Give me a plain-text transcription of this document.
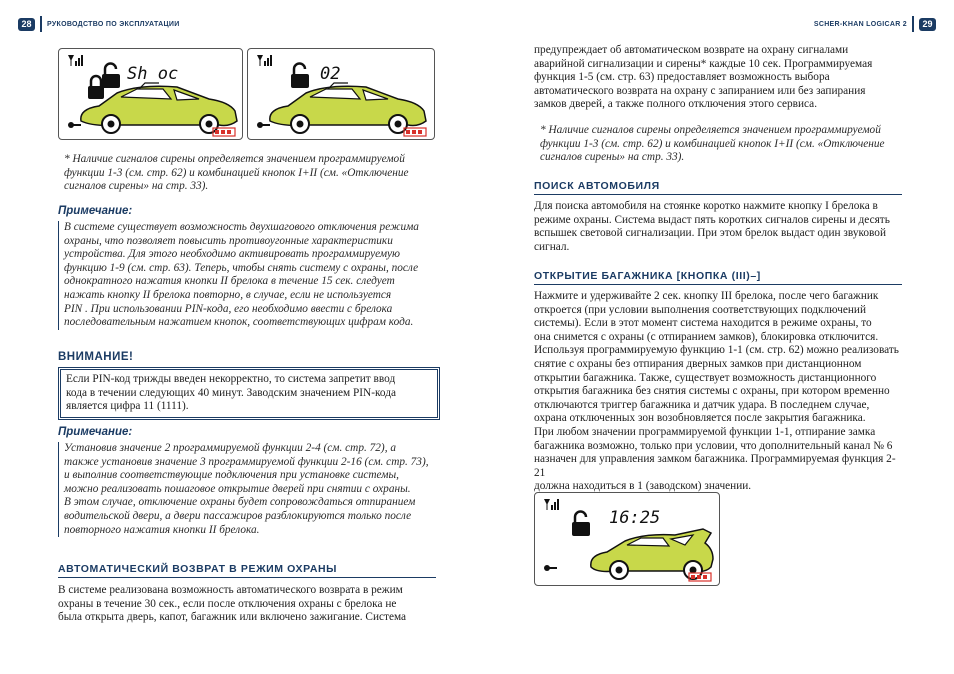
28	РУКОВОДСТВО ПО ЭКСПЛУАТАЦИИ	SCHER-KHAN LOGICAR 2	29
Sh oc	02

* Наличие сигналов сирены определяется значением программируемой

функции 1-3 (см. стр. 62) и комбинацией кнопок I+II (см. «Отключение

сигналов сирены» на стр. 33).

Примечание:

В системе существует возможность двухшагового отключения режима

охраны, что позволяет повысить противоугонные характеристики

устройства. Для этого необходимо активировать программируемую

функцию 1-9 (см. стр. 63). Теперь, чтобы снять систему с охраны, после

однократного нажатия кнопки II брелока в течение 15 сек. следует

нажать кнопку II брелока повторно, в случае, если не используется

PIN . При использовании PIN-кода, его необходимо ввести с брелока

последовательным нажатием кнопок, соответствующих цифрам кода.

ВНИМАНИЕ!

Если PIN-код трижды введен некорректно, то система запретит ввод

кода в течении следующих 40 минут. Заводским значением PIN-кода

является цифра 11 (1111).

Примечание:

Установив значение 2 программируемой функции 2-4 (см. стр. 72), а

также установив значение 3 программируемой функции 2-16 (см. стр. 73),

и выполнив соответствующие подключения при установке системы,

можно реализовать пошаговое открытие дверей при снятии с охраны.

В этом случае, отключение охраны будет сопровождаться отпиранием

водительской двери, а двери пассажиров разблокируются только после

повторного нажатия кнопки II брелока.

АВТОМАТИЧЕСКИЙ ВОЗВРАТ В РЕЖИМ ОХРАНЫ

В системе реализована возможность автоматического возврата в режим

охраны в течение 30 сек., если после отключения охраны с брелока не

была открыта дверь, капот, багажник или включено зажигание. Система

предупреждает об автоматическом возврате на охрану сигналами

аварийной сигнализации и сирены* каждые 10 сек. Программируемая

функция 1-5 (см. стр. 63) предоставляет возможность выбора

автоматического возврата на охрану с запиранием или без запирания

замков дверей, а также полного отключения этого сервиса.

* Наличие сигналов сирены определяется значением программируемой

функции 1-3 (см. стр. 62) и комбинацией кнопок I+II (см. «Отключение

сигналов сирены» на стр. 33).

ПОИСК АВТОМОБИЛЯ

Для поиска автомобиля на стоянке коротко нажмите кнопку I брелока в

режиме охраны. Система выдаст пять коротких сигналов сирены и десять

вспышек световой сигнализации. При этом брелок выдаст один звуковой

сигнал.

ОТКРЫТИЕ БАГАЖНИКА [КНОПКА (III)–]

Нажмите и удерживайте 2 сек. кнопку III брелока, после чего багажник

откроется (при условии выполнения соответствующих подключений

системы). Если в этот момент система находится в режиме охраны, то

она снимется с охраны (с отпиранием замков), блокировка отключится.

Используя программируемую функцию 1-1 (см. стр. 62) можно реализовать

снятие с охраны без отпирания дверных замков при дистанционном

открытии багажника. Также, существует возможность дистанционного

открытия багажника без снятия системы с охраны, при котором временно

отключаются триггер багажника и датчик удара. В последнем случае,

охрана отключенных зон возобновляется после закрытия багажника.

При любом значении программируемой функции 1-1, отпирание замка

багажника возможно, только при условии, что дополнительный канал № 6

назначен для управления замком багажника. Программируемая функция 2-21

должна находиться в 1 (заводском) значении.

16:25
